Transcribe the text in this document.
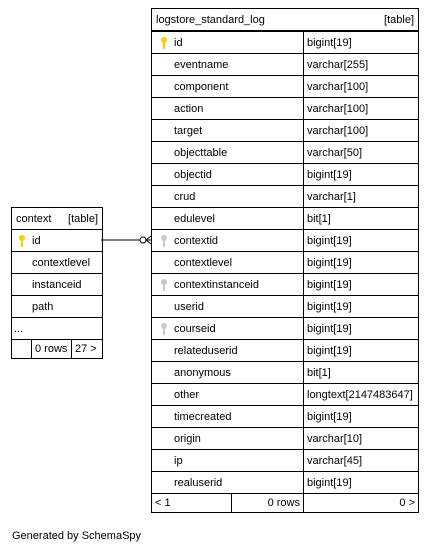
context	[table]
id
contextlevel
instanceid
path
...
0 rows 27 >
logstore_standard_log	[table]
id	bigint[19]
eventname	varchar[255]
component	varchar[100]
action	varchar[100]
target	varchar[100]
objecttable	varchar[50]
objectid	bigint[19]
crud	varchar[1]
edulevel	bit[1]
contextid	bigint[19]
contextlevel	bigint[19]
contextinstanceid	bigint[19]
userid	bigint[19]
courseid	bigint[19]
relateduserid	bigint[19]
anonymous	bit[1]
other	longtext[2147483647]
timecreated	bigint[19]
origin	varchar[10]
ip	varchar[45]
realuserid	bigint[19]
< 1	0 rows	0 >
Generated by SchemaSpy
